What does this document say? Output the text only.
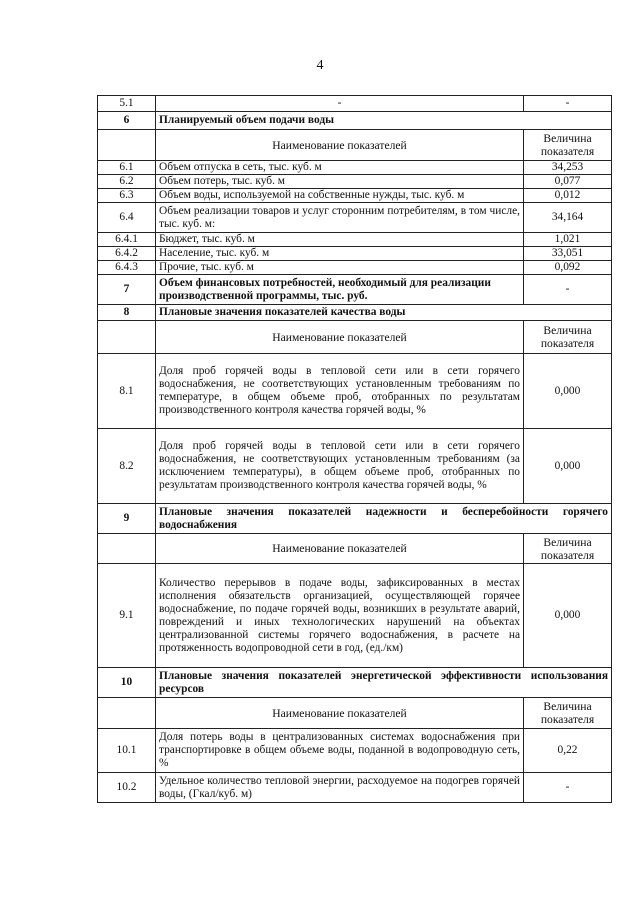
4
5.1	-	-
6	Планируемый объем подачи воды	
	Наименование показателей	Величина
показателя
6.1	Объем отпуска в сеть, тыс. куб. м	34,253
6.2	Объем потерь, тыс. куб. м	0,077
6.3	Объем воды, используемой на собственные нужды, тыс. куб. м	0,012
6.4	Объем реализации товаров и услуг сторонним потребителям, в том числе, тыс. куб. м:	34,164
6.4.1	Бюджет, тыс. куб. м	1,021
6.4.2	Население, тыс. куб. м	33,051
6.4.3	Прочие, тыс. куб. м	0,092
7	Объем финансовых потребностей, необходимый для реализации производственной программы, тыс. руб.	-
8	Плановые значения показателей качества воды	
	Наименование показателей	Величина
показателя
8.1	Доля проб горячей воды в тепловой сети или в сети горячего водоснабжения, не соответствующих установленным требованиям по температуре, в общем объеме проб, отобранных по результатам производственного контроля качества горячей воды, %	0,000
8.2	Доля проб горячей воды в тепловой сети или в сети горячего водоснабжения, не соответствующих установленным требованиям (за исключением температуры), в общем объеме проб, отобранных по результатам производственного контроля качества горячей воды, %	0,000
9	Плановые значения показателей надежности и бесперебойности горячего водоснабжения	
	Наименование показателей	Величина
показателя
9.1	Количество перерывов в подаче воды, зафиксированных в местах исполнения обязательств организацией, осуществляющей горячее водоснабжение, по подаче горячей воды, возникших в результате аварий, повреждений и иных технологических нарушений на объектах централизованной системы горячего водоснабжения, в расчете на протяженность водопроводной сети в год, (ед./км)	0,000
10	Плановые значения показателей энергетической эффективности использования ресурсов	
	Наименование показателей	Величина
показателя
10.1	Доля потерь воды в централизованных системах водоснабжения при транспортировке в общем объеме воды, поданной в водопроводную сеть, %	0,22
10.2	Удельное количество тепловой энергии, расходуемое на подогрев горячей воды, (Гкал/куб. м)	-
